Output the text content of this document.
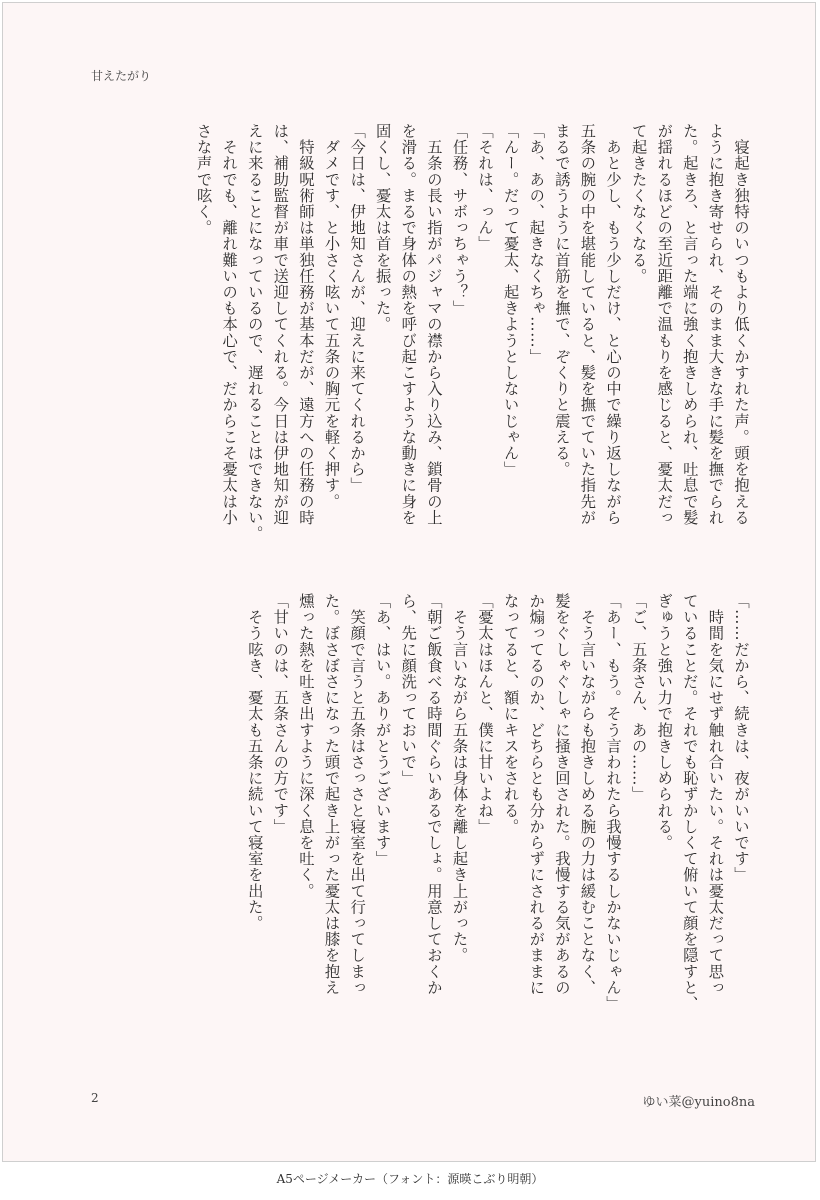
甘えたがり
　寝起き独特のいつもより低くかすれた声。頭を抱える
ように抱き寄せられ、そのまま大きな手に髪を撫でられ
た。起きろ、と言った端に強く抱きしめられ、吐息で髪
が揺れるほどの至近距離で温もりを感じると、憂太だっ
て起きたくなくなる。
　あと少し、もう少しだけ、と心の中で繰り返しながら
五条の腕の中を堪能していると、髪を撫でていた指先が
まるで誘うように首筋を撫で、ぞくりと震える。
「あ、あの、起きなくちゃ……」
「んー。だって憂太、起きようとしないじゃん」
「それは、っん」
「任務、サボっちゃう？」
　五条の長い指がパジャマの襟から入り込み、鎖骨の上
を滑る。まるで身体の熱を呼び起こすような動きに身を
固くし、憂太は首を振った。
「今日は、伊地知さんが、迎えに来てくれるから」
　ダメです、と小さく呟いて五条の胸元を軽く押す。
　特級呪術師は単独任務が基本だが、遠方への任務の時
は、補助監督が車で送迎してくれる。今日は伊地知が迎
えに来ることになっているので、遅れることはできない。
　それでも、離れ難いのも本心で、だからこそ憂太は小
さな声で呟く。
「……だから、続きは、夜がいいです」
　時間を気にせず触れ合いたい。それは憂太だって思っ
ていることだ。それでも恥ずかしくて俯いて顔を隠すと、
ぎゅうと強い力で抱きしめられる。
「ご、五条さん、あの……」
「あー、もう。そう言われたら我慢するしかないじゃん」
　そう言いながらも抱きしめる腕の力は緩むことなく、
髪をぐしゃぐしゃに掻き回された。我慢する気があるの
か煽ってるのか、どちらとも分からずにされるがままに
なってると、額にキスをされる。
「憂太はほんと、僕に甘いよね」
　そう言いながら五条は身体を離し起き上がった。
「朝ご飯食べる時間ぐらいあるでしょ。用意しておくか
ら、先に顔洗っておいで」
「あ、はい。ありがとうございます」
　笑顔で言うと五条はさっさと寝室を出て行ってしまっ
た。ぼさぼさになった頭で起き上がった憂太は膝を抱え
燻った熱を吐き出すように深く息を吐く。
「甘いのは、五条さんの方です」
　そう呟き、憂太も五条に続いて寝室を出た。
2	ゆい菜@yuino8na
A5ページメーカー（フォント：源暎こぶり明朝）
